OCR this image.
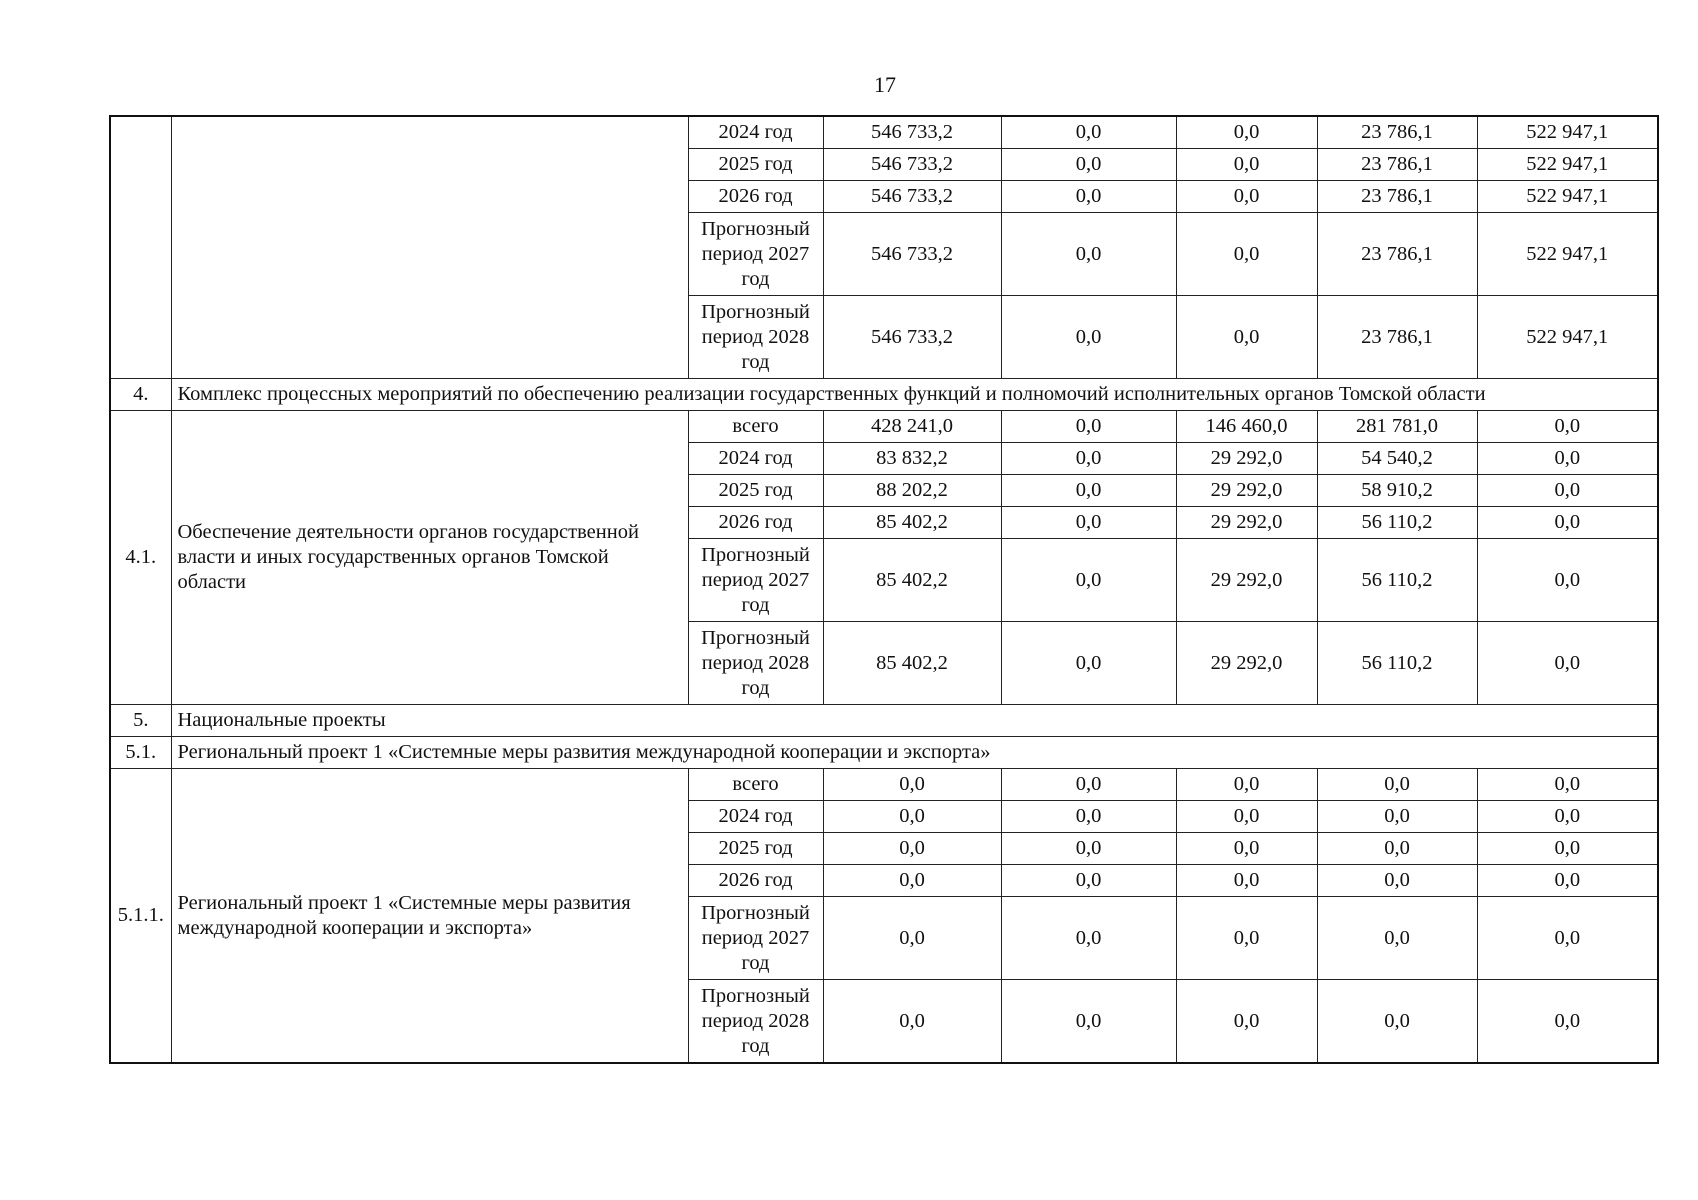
17
		2024 год	546 733,2	0,0	0,0	23 786,1	522 947,1
		2025 год	546 733,2	0,0	0,0	23 786,1	522 947,1
		2026 год	546 733,2	0,0	0,0	23 786,1	522 947,1
		Прогнозный период 2027 год	546 733,2	0,0	0,0	23 786,1	522 947,1
		Прогнозный период 2028 год	546 733,2	0,0	0,0	23 786,1	522 947,1
4.	Комплекс процессных мероприятий по обеспечению реализации государственных функций и полномочий исполнительных органов Томской области						
4.1.	Обеспечение деятельности органов государственной власти и иных государственных органов Томской области	всего	428 241,0	0,0	146 460,0	281 781,0	0,0
		2024 год	83 832,2	0,0	29 292,0	54 540,2	0,0
		2025 год	88 202,2	0,0	29 292,0	58 910,2	0,0
		2026 год	85 402,2	0,0	29 292,0	56 110,2	0,0
		Прогнозный период 2027 год	85 402,2	0,0	29 292,0	56 110,2	0,0
		Прогнозный период 2028 год	85 402,2	0,0	29 292,0	56 110,2	0,0
5.	Национальные проекты						
5.1.	Региональный проект 1 «Системные меры развития международной кооперации и экспорта»						
5.1.1.	Региональный проект 1 «Системные меры развития международной кооперации и экспорта»	всего	0,0	0,0	0,0	0,0	0,0
		2024 год	0,0	0,0	0,0	0,0	0,0
		2025 год	0,0	0,0	0,0	0,0	0,0
		2026 год	0,0	0,0	0,0	0,0	0,0
		Прогнозный период 2027 год	0,0	0,0	0,0	0,0	0,0
		Прогнозный период 2028 год	0,0	0,0	0,0	0,0	0,0
